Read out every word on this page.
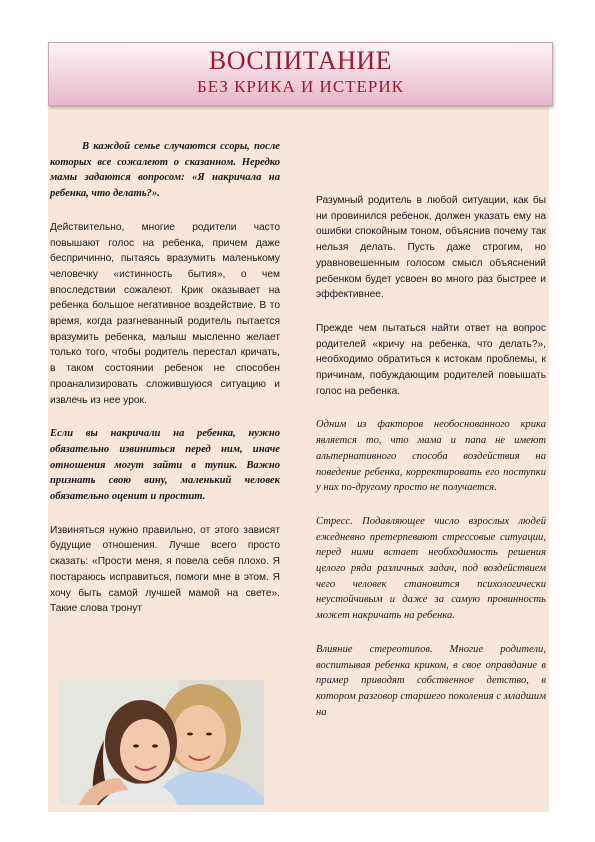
ВОСПИТАНИЕ
БЕЗ КРИКА И ИСТЕРИК

В каждой семье случаются ссоры, после которых все сожалеют о сказанном. Нередко мамы задаются вопросом: «Я накричала на ребенка, что делать?».

Действительно, многие родители часто повышают голос на ребенка, причем даже беспричинно, пытаясь вразумить маленькому человечку «истинность бытия», о чем впоследствии сожалеют. Крик оказывает на ребенка большое негативное воздействие. В то время, когда разгневанный родитель пытается вразумить ребенка, малыш мысленно желает только того, чтобы родитель перестал кричать, в таком состоянии ребенок не способен проанализировать сложившуюся ситуацию и извлечь из нее урок.

Если вы накричали на ребенка, нужно обязательно извиниться перед ним, иначе отношения могут зайти в тупик. Важно признать свою вину, маленький человек обязательно оценит и простит.

Извиняться нужно правильно, от этого зависят будущие отношения. Лучше всего просто сказать: «Прости меня, я повела себя плохо. Я постараюсь исправиться, помоги мне в этом. Я хочу быть самой лучшей мамой на свете». Такие слова тронут

Разумный родитель в любой ситуации, как бы ни провинился ребенок, должен указать ему на ошибки спокойным тоном, объяснив почему так нельзя делать. Пусть даже строгим, но уравновешенным голосом смысл объяснений ребенком будет усвоен во много раз быстрее и эффективнее.

Прежде чем пытаться найти ответ на вопрос родителей «кричу на ребенка, что делать?», необходимо обратиться к истокам проблемы, к причинам, побуждающим родителей повышать голос на ребенка.

Одним из факторов необоснованного крика является то, что мама и папа не имеют альтернативного способа воздействия на поведение ребенка, корректировать его поступки у них по-другому просто не получается.

Стресс. Подавляющее число взрослых людей ежедневно претерпевают стрессовые ситуации, перед ними встает необходимость решения целого ряда различных задач, под воздействием чего человек становится психологически неустойчивым и даже за самую провинность может накричать на ребенка.

Влияние стереотипов. Многие родители, воспитывая ребенка криком, в свое оправдание в пример приводят собственное детство, в котором разговор старшего поколения с младшим на
